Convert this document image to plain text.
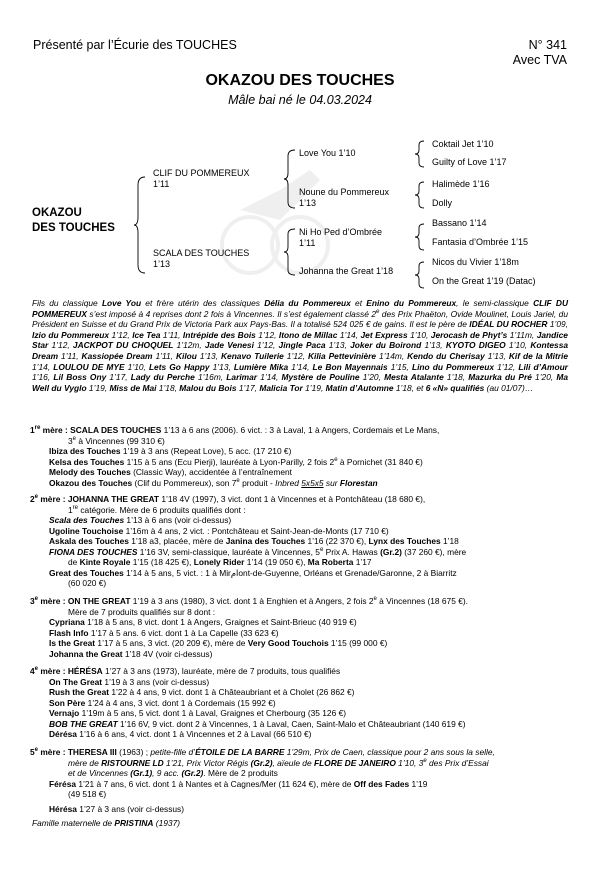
Présenté par l’Écurie des TOUCHES	N° 341
Avec TVA
OKAZOU DES TOUCHES
Mâle bai né le 04.03.2024
OKAZOU
DES TOUCHES
CLIF DU POMMEREUX
1’11
SCALA DES TOUCHES
1’13
Love You 1’10
Noune du Pommereux
1’13
Ni Ho Ped d’Ombrée
1’11
Johanna the Great 1’18
Coktail Jet 1’10
Guilty of Love 1’17
Halimède 1’16
Dolly
Bassano 1’14
Fantasia d’Ombrée 1’15
Nicos du Vivier 1’18m
On the Great 1’19 (Datac)
Fils du classique Love You et frère utérin des classiques Délia du Pommereux et Enino du Pommereux, le semi-classique CLIF DU POMMEREUX s’est imposé à 4 reprises dont 2 fois à Vincennes. Il s’est également classé 2e des Prix Phaëton, Ovide Moulinet, Louis Jariel, du Président en Suisse et du Grand Prix de Victoria Park aux Pays-Bas. Il a totalisé 524 025 € de gains. Il est le père de IDÉAL DU ROCHER 1’09, Izio du Pommereux 1’12, Ice Tea 1’11, Intrépide des Bois 1’12, Itono de Millac 1’14, Jet Express 1’10, Jerocash de Phyt’s 1’11m, Jandice Star 1’12, JACKPOT DU CHOQUEL 1’12m, Jade Venesi 1’12, Jingle Paca 1’13, Joker du Boirond 1’13, KYOTO DIGEO 1’10, Kontessa Dream 1’11, Kassiopée Dream 1’11, Kilou 1’13, Kenavo Tuilerie 1’12, Kilia Pettevinière 1’14m, Kendo du Cherisay 1’13, Kif de la Mitrie 1’14, LOULOU DE MYE 1’10, Lets Go Happy 1’13, Lumière Mika 1’14, Le Bon Mayennais 1’15, Lino du Pommereux 1’12, Lili d’Amour 1’16, Lil Boss Ony 1’17, Lady du Perche 1’16m, Larimar 1’14, Mystère de Pouline 1’20, Mesta Atalante 1’18, Mazurka du Pré 1’20, Ma Well du Vyglo 1’19, Miss de Mai 1’18, Malou du Bois 1’17, Malicia Tor 1’19, Matin d’Automne 1’18, et 6 «N» qualifiés (au 01/07)…
1re mère : SCALA DES TOUCHES 1’13 à 6 ans (2006). 6 vict. : 3 à Laval, 1 à Angers, Cordemais et Le Mans,
3e à Vincennes (99 310 €)
Ibiza des Touches 1’19 à 3 ans (Repeat Love), 5 acc. (17 210 €)
Kelsa des Touches 1’15 à 5 ans (Ecu Pierji), lauréate à Lyon-Parilly, 2 fois 2e à Pornichet (31 840 €)
Melody des Touches (Classic Way), accidentée à l’entraînement
Okazou des Touches (Clif du Pommereux), son 7e produit - Inbred 5x5x5 sur Florestan
2e mère : JOHANNA THE GREAT 1’18 4V (1997), 3 vict. dont 1 à Vincennes et à Pontchâteau (18 680 €),
1re catégorie. Mère de 6 produits qualifiés dont :
Scala des Touches 1’13 à 6 ans (voir ci-dessus)
Ugoline Touchoise 1’16m à 4 ans, 2 vict. : Pontchâteau et Saint-Jean-de-Monts (17 710 €)
Askala des Touches 1’18 a3, placée, mère de Janina des Touches 1’16 (22 370 €), Lynx des Touches 1’18
FIONA DES TOUCHES 1’16 3V, semi-classique, lauréate à Vincennes, 5e Prix A. Hawas (Gr.2) (37 260 €), mère
de Kinte Royale 1’15 (18 425 €), Lonely Rider 1’14 (19 050 €), Ma Roberta 1’17
Great des Touches 1’14 à 5 ans, 5 vict. : 1 à Mirامont-de-Guyenne, Orléans et Grenade/Garonne, 2 à Biarritz
(60 020 €)
3e mère : ON THE GREAT 1’19 à 3 ans (1980), 3 vict. dont 1 à Enghien et à Angers, 2 fois 2e à Vincennes (18 675 €).
Mère de 7 produits qualifiés sur 8 dont :
Cypriana 1’18 à 5 ans, 8 vict. dont 1 à Angers, Graignes et Saint-Brieuc (40 919 €)
Flash Info 1’17 à 5 ans. 6 vict. dont 1 à La Capelle (33 623 €)
Is the Great 1’17 à 5 ans, 3 vict. (20 209 €), mère de Very Good Touchois 1’15 (99 000 €)
Johanna the Great 1’18 4V (voir ci-dessus)
4e mère : HÉRÉSA 1’27 à 3 ans (1973), lauréate, mère de 7 produits, tous qualifiés
On The Great 1’19 à 3 ans (voir ci-dessus)
Rush the Great 1’22 à 4 ans, 9 vict. dont 1 à Châteaubriant et à Cholet (26 862 €)
Son Père 1’24 à 4 ans, 3 vict. dont 1 à Cordemais (15 992 €)
Vernajo 1’19m à 5 ans, 5 vict. dont 1 à Laval, Graignes et Cherbourg (35 126 €)
BOB THE GREAT 1’16 6V, 9 vict. dont 2 à Vincennes, 1 à Laval, Caen, Saint-Malo et Châteaubriant (140 619 €)
Dérésa 1’16 à 6 ans, 4 vict. dont 1 à Vincennes et 2 à Laval (66 510 €)
5e mère : THERESA III (1963) ; petite-fille d’ÉTOILE DE LA BARRE 1’29m, Prix de Caen, classique pour 2 ans sous la selle,
mère de RISTOURNE LD 1’21, Prix Victor Régis (Gr.2), aïeule de FLORE DE JANEIRO 1’10, 3e des Prix d’Essai
et de Vincennes (Gr.1), 9 acc. (Gr.2). Mère de 2 produits
Férésa 1’21 à 7 ans, 6 vict. dont 1 à Nantes et à Cagnes/Mer (11 624 €), mère de Off des Fades 1’19
(49 518 €)
Hérésa 1’27 à 3 ans (voir ci-dessus)
Famille maternelle de PRISTINA (1937)
